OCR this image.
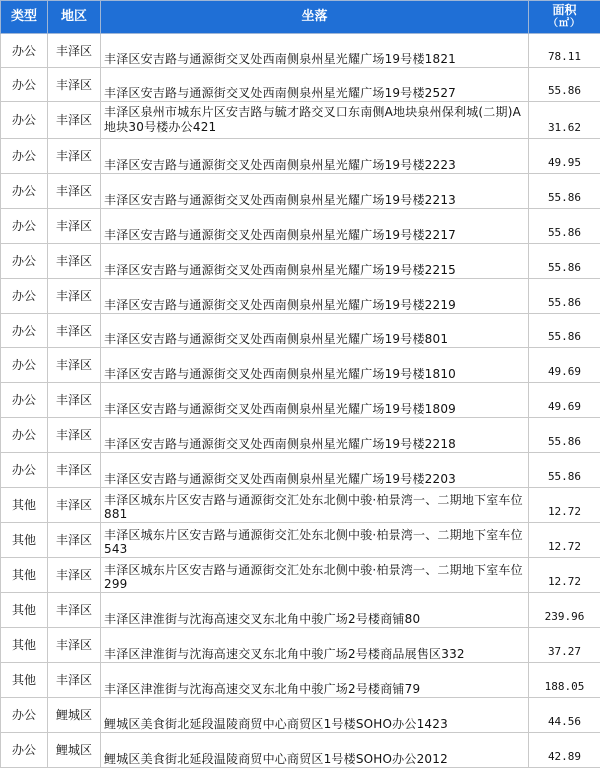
类型	地区	坐落	面积
（㎡）

办公	丰泽区	丰泽区安吉路与通源街交叉处西南侧泉州星光耀广场19号楼1821	78.11
办公	丰泽区	丰泽区安吉路与通源街交叉处西南侧泉州星光耀广场19号楼2527	55.86
办公	丰泽区	丰泽区泉州市城东片区安吉路与毓才路交叉口东南侧A地块泉州保利城(二期)A地块30号楼办公421	31.62
办公	丰泽区	丰泽区安吉路与通源街交叉处西南侧泉州星光耀广场19号楼2223	49.95
办公	丰泽区	丰泽区安吉路与通源街交叉处西南侧泉州星光耀广场19号楼2213	55.86
办公	丰泽区	丰泽区安吉路与通源街交叉处西南侧泉州星光耀广场19号楼2217	55.86
办公	丰泽区	丰泽区安吉路与通源街交叉处西南侧泉州星光耀广场19号楼2215	55.86
办公	丰泽区	丰泽区安吉路与通源街交叉处西南侧泉州星光耀广场19号楼2219	55.86
办公	丰泽区	丰泽区安吉路与通源街交叉处西南侧泉州星光耀广场19号楼801	55.86
办公	丰泽区	丰泽区安吉路与通源街交叉处西南侧泉州星光耀广场19号楼1810	49.69
办公	丰泽区	丰泽区安吉路与通源街交叉处西南侧泉州星光耀广场19号楼1809	49.69
办公	丰泽区	丰泽区安吉路与通源街交叉处西南侧泉州星光耀广场19号楼2218	55.86
办公	丰泽区	丰泽区安吉路与通源街交叉处西南侧泉州星光耀广场19号楼2203	55.86
其他	丰泽区	丰泽区城东片区安吉路与通源街交汇处东北侧中骏·柏景湾一、二期地下室车位881	12.72
其他	丰泽区	丰泽区城东片区安吉路与通源街交汇处东北侧中骏·柏景湾一、二期地下室车位543	12.72
其他	丰泽区	丰泽区城东片区安吉路与通源街交汇处东北侧中骏·柏景湾一、二期地下室车位299	12.72
其他	丰泽区	丰泽区津淮街与沈海高速交叉东北角中骏广场2号楼商铺80	239.96
其他	丰泽区	丰泽区津淮街与沈海高速交叉东北角中骏广场2号楼商品展售区332	37.27
其他	丰泽区	丰泽区津淮街与沈海高速交叉东北角中骏广场2号楼商铺79	188.05
办公	鲤城区	鲤城区美食街北延段温陵商贸中心商贸区1号楼SOHO办公1423	44.56
办公	鲤城区	鲤城区美食街北延段温陵商贸中心商贸区1号楼SOHO办公2012	42.89
